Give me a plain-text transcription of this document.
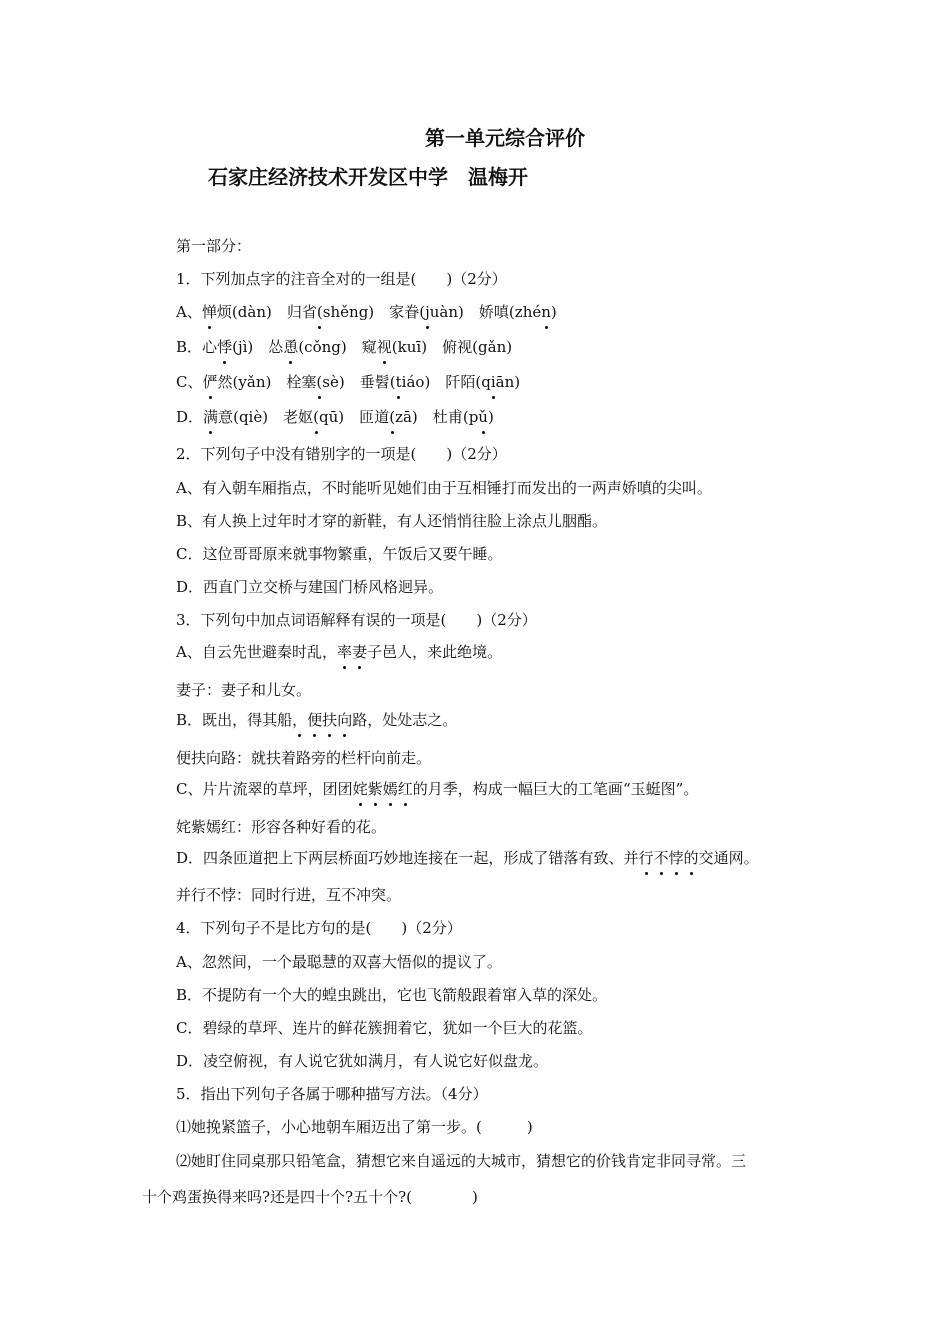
第一单元综合评价
石家庄经济技术开发区中学　温梅开
第一部分：
1．下列加点字的注音全对的一组是(　　)（2分）
A、惮烦(dàn)　 归省(shěng)　 家眷(juàn)　 娇嗔(zhén)
B．心悸(jì)　 怂恿(cǒng)　 窥视(kuī)　 俯视(gǎn)
C、俨然(yǎn)　 栓塞(sè)　 垂髫(tiáo)　 阡陌(qiān)
D．满意(qiè)　 老妪(qū)　 匝道(zā)　 杜甫(pǔ)
2．下列句子中没有错别字的一项是(　　)（2分）
A、有入朝车厢指点，不时能听见她们由于互相锤打而发出的一两声娇嗔的尖叫。
B、有人换上过年时才穿的新鞋，有人还悄悄往脸上涂点儿胭酯。
C．这位哥哥原来就事物繁重，午饭后又要午睡。
D．西直门立交桥与建国门桥风格迥异。
3．下列句中加点词语解释有误的一项是(　　)（2分）
A、自云先世避秦时乱，率妻子邑人，来此绝境。
妻子：妻子和儿女。
B．既出，得其船，便扶向路，处处志之。
便扶向路：就扶着路旁的栏杆向前走。
C、片片流翠的草坪，团团姹紫嫣红的月季，构成一幅巨大的工笔画“玉蜓图”。
姹紫嫣红：形容各种好看的花。
D．四条匝道把上下两层桥面巧妙地连接在一起，形成了错落有致、并行不悖的交通网。
并行不悖：同时行进，互不冲突。
4．下列句子不是比方句的是(　　)（2分）
A、忽然间，一个最聪慧的双喜大悟似的提议了。
B．不提防有一个大的蝗虫跳出，它也飞箭般跟着窜入草的深处。
C．碧绿的草坪、连片的鲜花簇拥着它，犹如一个巨大的花篮。
D．凌空俯视，有人说它犹如满月，有人说它好似盘龙。
5．指出下列句子各属于哪种描写方法。（4分）
⑴她挽紧篮子，小心地朝车厢迈出了第一步。(　　　)
⑵她盯住同桌那只铅笔盒，猜想它来自遥远的大城市，猜想它的价钱肯定非同寻常。三
十个鸡蛋换得来吗?还是四十个?五十个?(　　　　)
